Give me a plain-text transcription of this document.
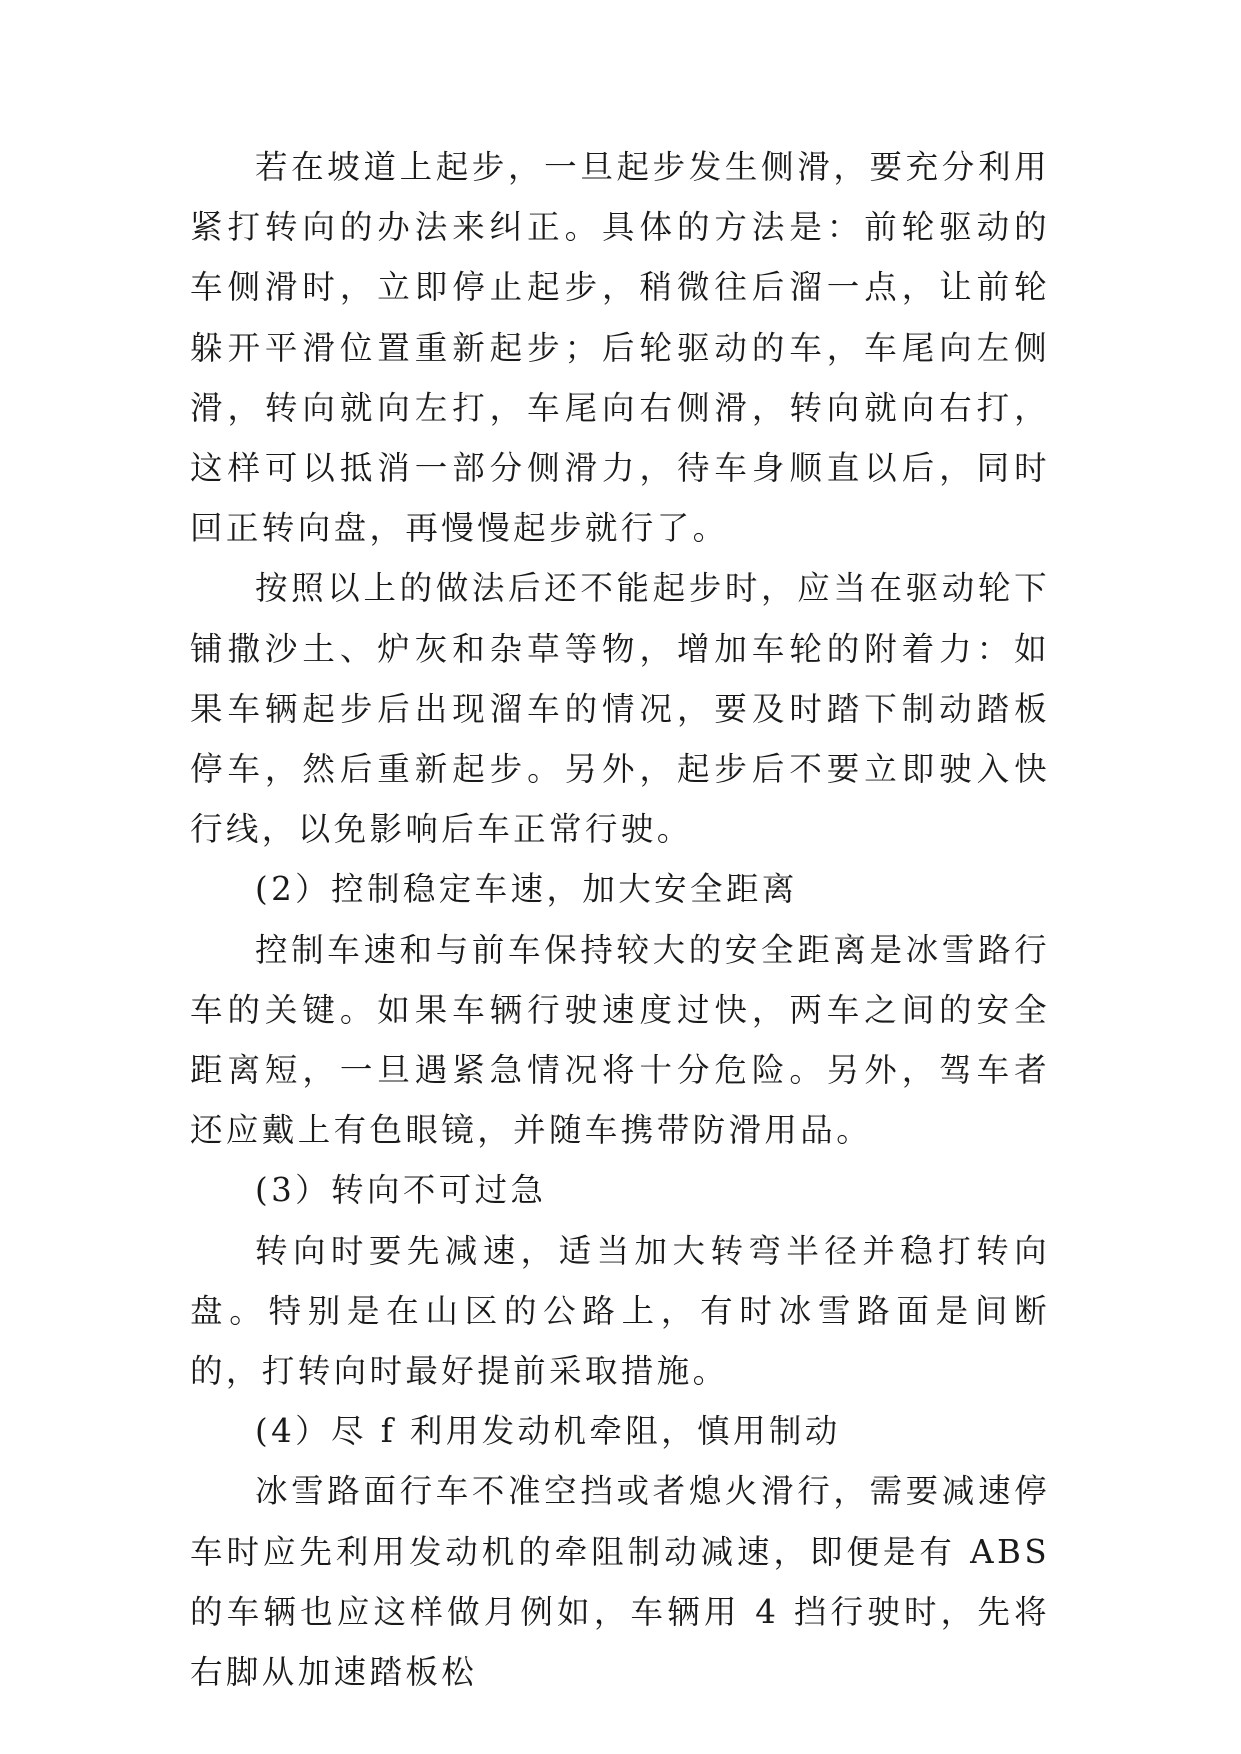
若在坡道上起步，一旦起步发生侧滑，要充分利用紧打转向的办法来纠正。具体的方法是：前轮驱动的车侧滑时，立即停止起步，稍微往后溜一点，让前轮躲开平滑位置重新起步；后轮驱动的车，车尾向左侧滑，转向就向左打，车尾向右侧滑，转向就向右打，这样可以抵消一部分侧滑力，待车身顺直以后，同时回正转向盘，再慢慢起步就行了。

按照以上的做法后还不能起步时，应当在驱动轮下铺撒沙土、炉灰和杂草等物，增加车轮的附着力：如果车辆起步后出现溜车的情况，要及时踏下制动踏板停车，然后重新起步。另外，起步后不要立即驶入快行线，以免影响后车正常行驶。

(2）控制稳定车速，加大安全距离

控制车速和与前车保持较大的安全距离是冰雪路行车的关键。如果车辆行驶速度过快，两车之间的安全距离短，一旦遇紧急情况将十分危险。另外，驾车者还应戴上有色眼镜，并随车携带防滑用品。

(3）转向不可过急

转向时要先减速，适当加大转弯半径并稳打转向盘。特别是在山区的公路上，有时冰雪路面是间断的，打转向时最好提前采取措施。

(4）尽 f 利用发动机牵阻，慎用制动

冰雪路面行车不准空挡或者熄火滑行，需要减速停车时应先利用发动机的牵阻制动减速，即便是有 ABS 的车辆也应这样做月例如，车辆用 4 挡行驶时，先将右脚从加速踏板松
